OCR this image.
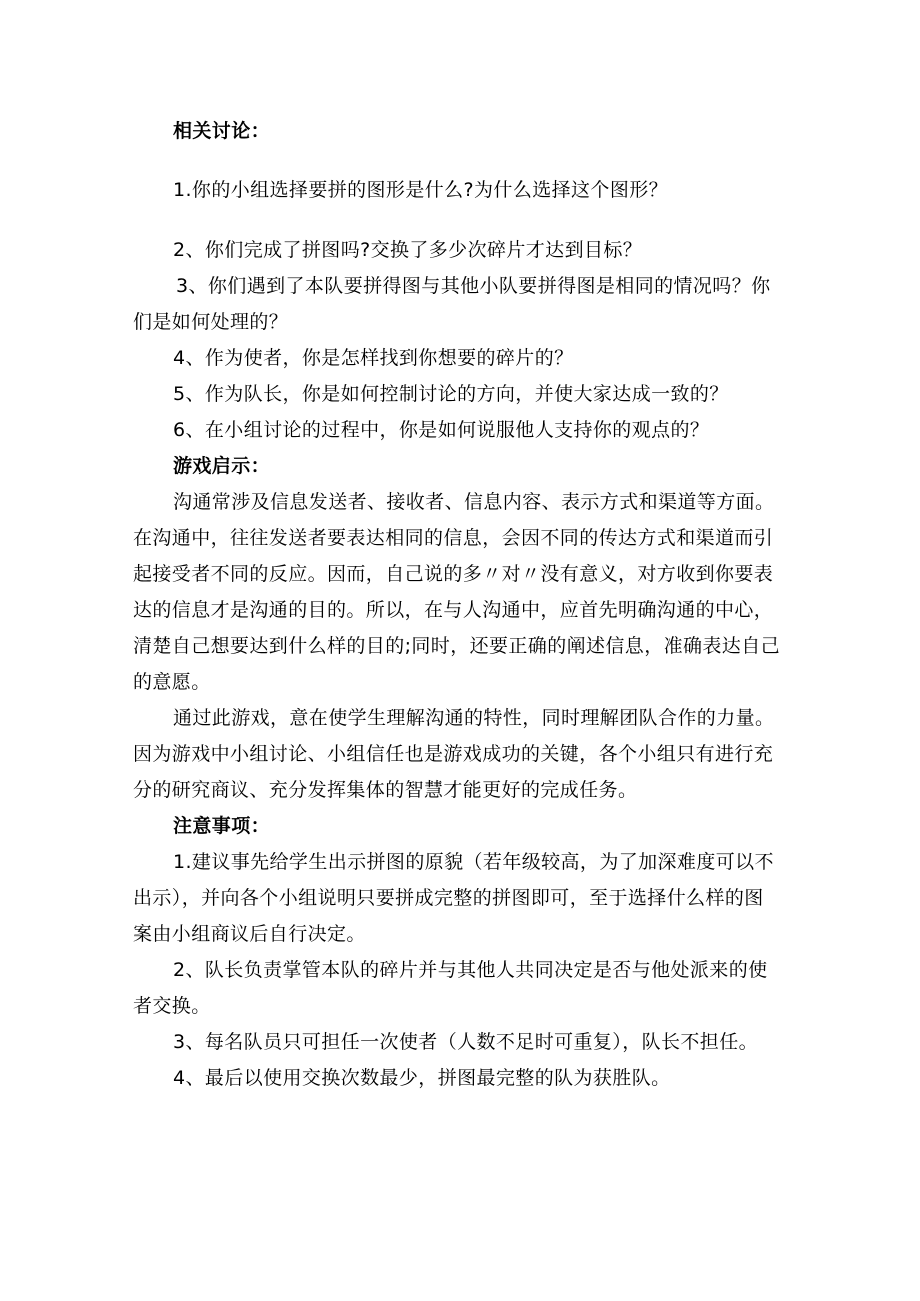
相关讨论：
1.你的小组选择要拼的图形是什么?为什么选择这个图形？
2、你们完成了拼图吗?交换了多少次碎片才达到目标？
3、你们遇到了本队要拼得图与其他小队要拼得图是相同的情况吗？你
们是如何处理的？
4、作为使者，你是怎样找到你想要的碎片的？
5、作为队长，你是如何控制讨论的方向，并使大家达成一致的？
6、在小组讨论的过程中，你是如何说服他人支持你的观点的？
游戏启示：
沟通常涉及信息发送者、接收者、信息内容、表示方式和渠道等方面。
在沟通中，往往发送者要表达相同的信息，会因不同的传达方式和渠道而引
起接受者不同的反应。因而，自己说的多〃对〃没有意义，对方收到你要表
达的信息才是沟通的目的。所以，在与人沟通中，应首先明确沟通的中心，
清楚自己想要达到什么样的目的;同时，还要正确的阐述信息，准确表达自己
的意愿。
通过此游戏，意在使学生理解沟通的特性，同时理解团队合作的力量。
因为游戏中小组讨论、小组信任也是游戏成功的关键，各个小组只有进行充
分的研究商议、充分发挥集体的智慧才能更好的完成任务。
注意事项：
1.建议事先给学生出示拼图的原貌（若年级较高，为了加深难度可以不
出示），并向各个小组说明只要拼成完整的拼图即可，至于选择什么样的图
案由小组商议后自行决定。
2、队长负责掌管本队的碎片并与其他人共同决定是否与他处派来的使
者交换。
3、每名队员只可担任一次使者（人数不足时可重复），队长不担任。
4、最后以使用交换次数最少，拼图最完整的队为获胜队。
